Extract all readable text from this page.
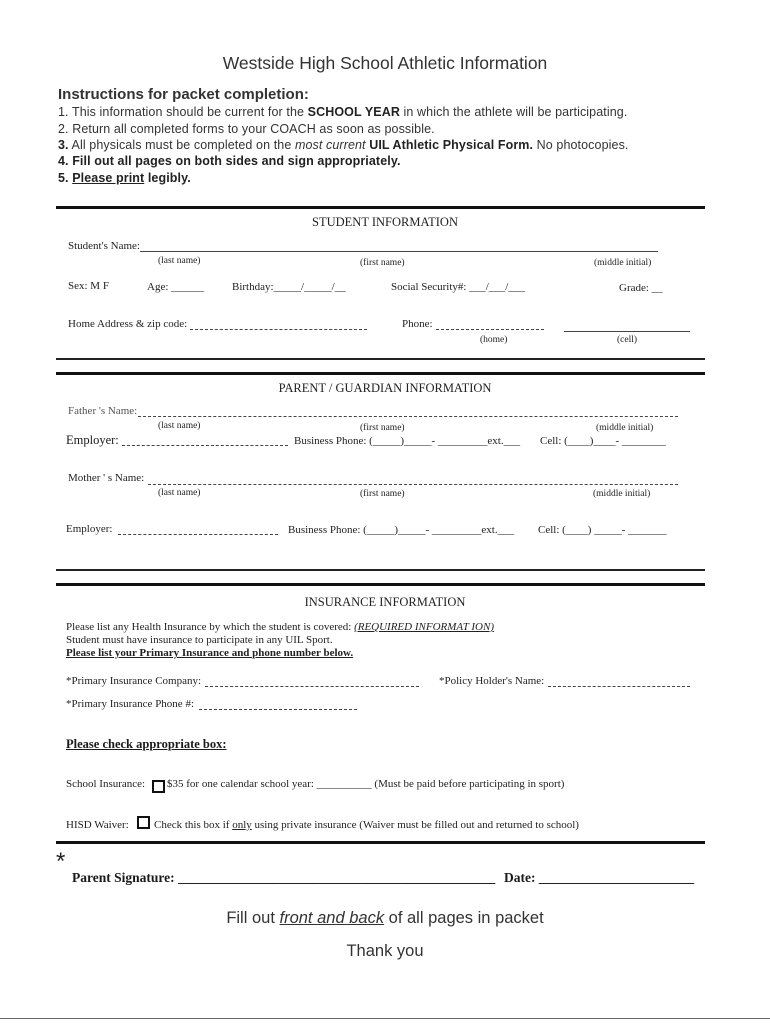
Westside High School Athletic Information
Instructions for packet completion:
1. This information should be current for the SCHOOL YEAR in which the athlete will be participating.
2. Return all completed forms to your COACH as soon as possible.
3. All physicals must be completed on the most current UIL Athletic Physical Form. No photocopies.
4. Fill out all pages on both sides and sign appropriately.
5. Please print legibly.
STUDENT INFORMATION
Student's Name:
(last name)	(first name)	(middle initial)
Sex: M F	Age: ______	Birthday:_____/_____/__	Social Security#: ___/___/___	Grade: __
Home Address & zip code:	Phone:
(home)	(cell)
PARENT / GUARDIAN INFORMATION
Father 's Name:
(last name)	(first name)	(middle initial)
Employer:	Business Phone: (_____)_____- _________ext.___ Cell: (____)____- ________
Mother ' s Name:
(last name)	(first name)	(middle initial)
Employer:	Business Phone: (_____)_____- _________ext.___ Cell: (____) _____- _______
INSURANCE INFORMATION
Please list any Health Insurance by which the student is covered: (REQUIRED INFORMAT ION)
Student must have insurance to participate in any UIL Sport.
Please list your Primary Insurance and phone number below.
*Primary Insurance Company:	*Policy Holder's Name:
*Primary Insurance Phone #:
Please check appropriate box:
School Insurance: $35 for one calendar school year: __________ (Must be paid before participating in sport)
HISD Waiver: Check this box if only using private insurance (Waiver must be filled out and returned to school)
*
Parent Signature: _______________________________________________ Date: _______________________
Fill out front and back of all pages in packet
Thank you
